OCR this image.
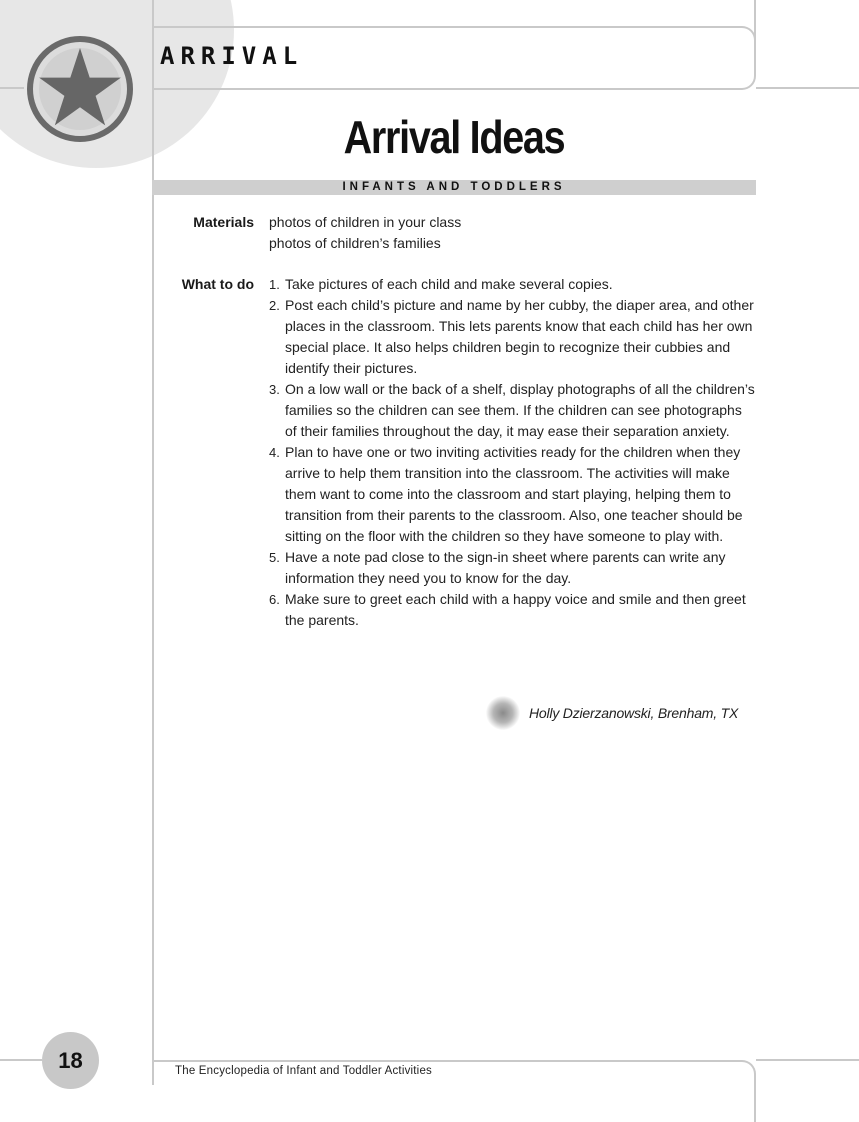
ARRIVAL
Arrival Ideas
INFANTS AND TODDLERS
Materials photos of children in your class
photos of children’s families
What to do 1. Take pictures of each child and make several copies.
2. Post each child’s picture and name by her cubby, the diaper area, and other places in the classroom. This lets parents know that each child has her own special place. It also helps children begin to recognize their cubbies and identify their pictures.
3. On a low wall or the back of a shelf, display photographs of all the children’s families so the children can see them. If the children can see photographs of their families throughout the day, it may ease their separation anxiety.
4. Plan to have one or two inviting activities ready for the children when they arrive to help them transition into the classroom. The activities will make them want to come into the classroom and start playing, helping them to transition from their parents to the classroom. Also, one teacher should be sitting on the floor with the children so they have someone to play with.
5. Have a note pad close to the sign-in sheet where parents can write any information they need you to know for the day.
6. Make sure to greet each child with a happy voice and smile and then greet the parents.
Holly Dzierzanowski, Brenham, TX
18	The Encyclopedia of Infant and Toddler Activities
